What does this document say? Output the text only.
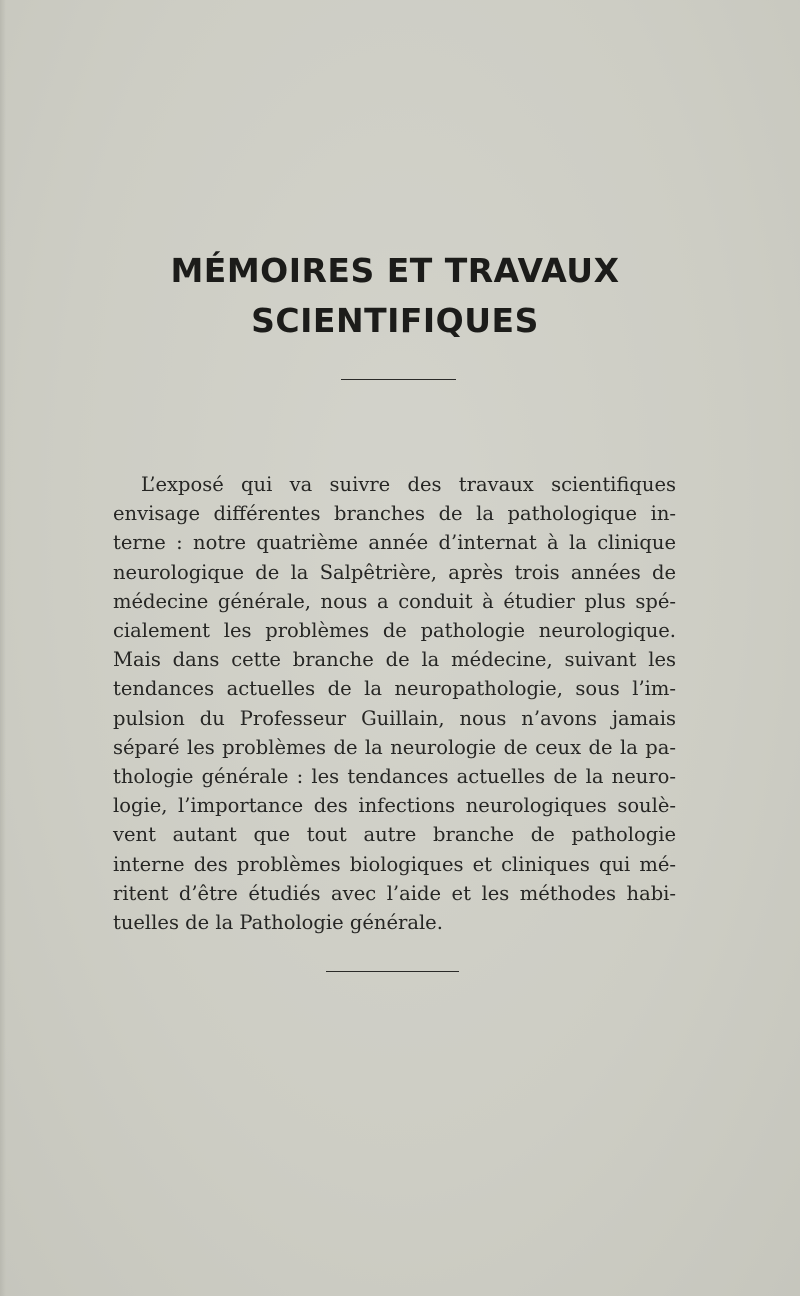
MÉMOIRES ET TRAVAUX
SCIENTIFIQUES
L’exposé qui va suivre des travaux scientifiques
envisage différentes branches de la pathologique in-
terne : notre quatrième année d’internat à la clinique
neurologique de la Salpêtrière, après trois années de
médecine générale, nous a conduit à étudier plus spé-
cialement les problèmes de pathologie neurologique.
Mais dans cette branche de la médecine, suivant les
tendances actuelles de la neuropathologie, sous l’im-
pulsion du Professeur Guillain, nous n’avons jamais
séparé les problèmes de la neurologie de ceux de la pa-
thologie générale : les tendances actuelles de la neuro-
logie, l’importance des infections neurologiques soulè-
vent autant que tout autre branche de pathologie
interne des problèmes biologiques et cliniques qui mé-
ritent d’être étudiés avec l’aide et les méthodes habi-
tuelles de la Pathologie générale.
